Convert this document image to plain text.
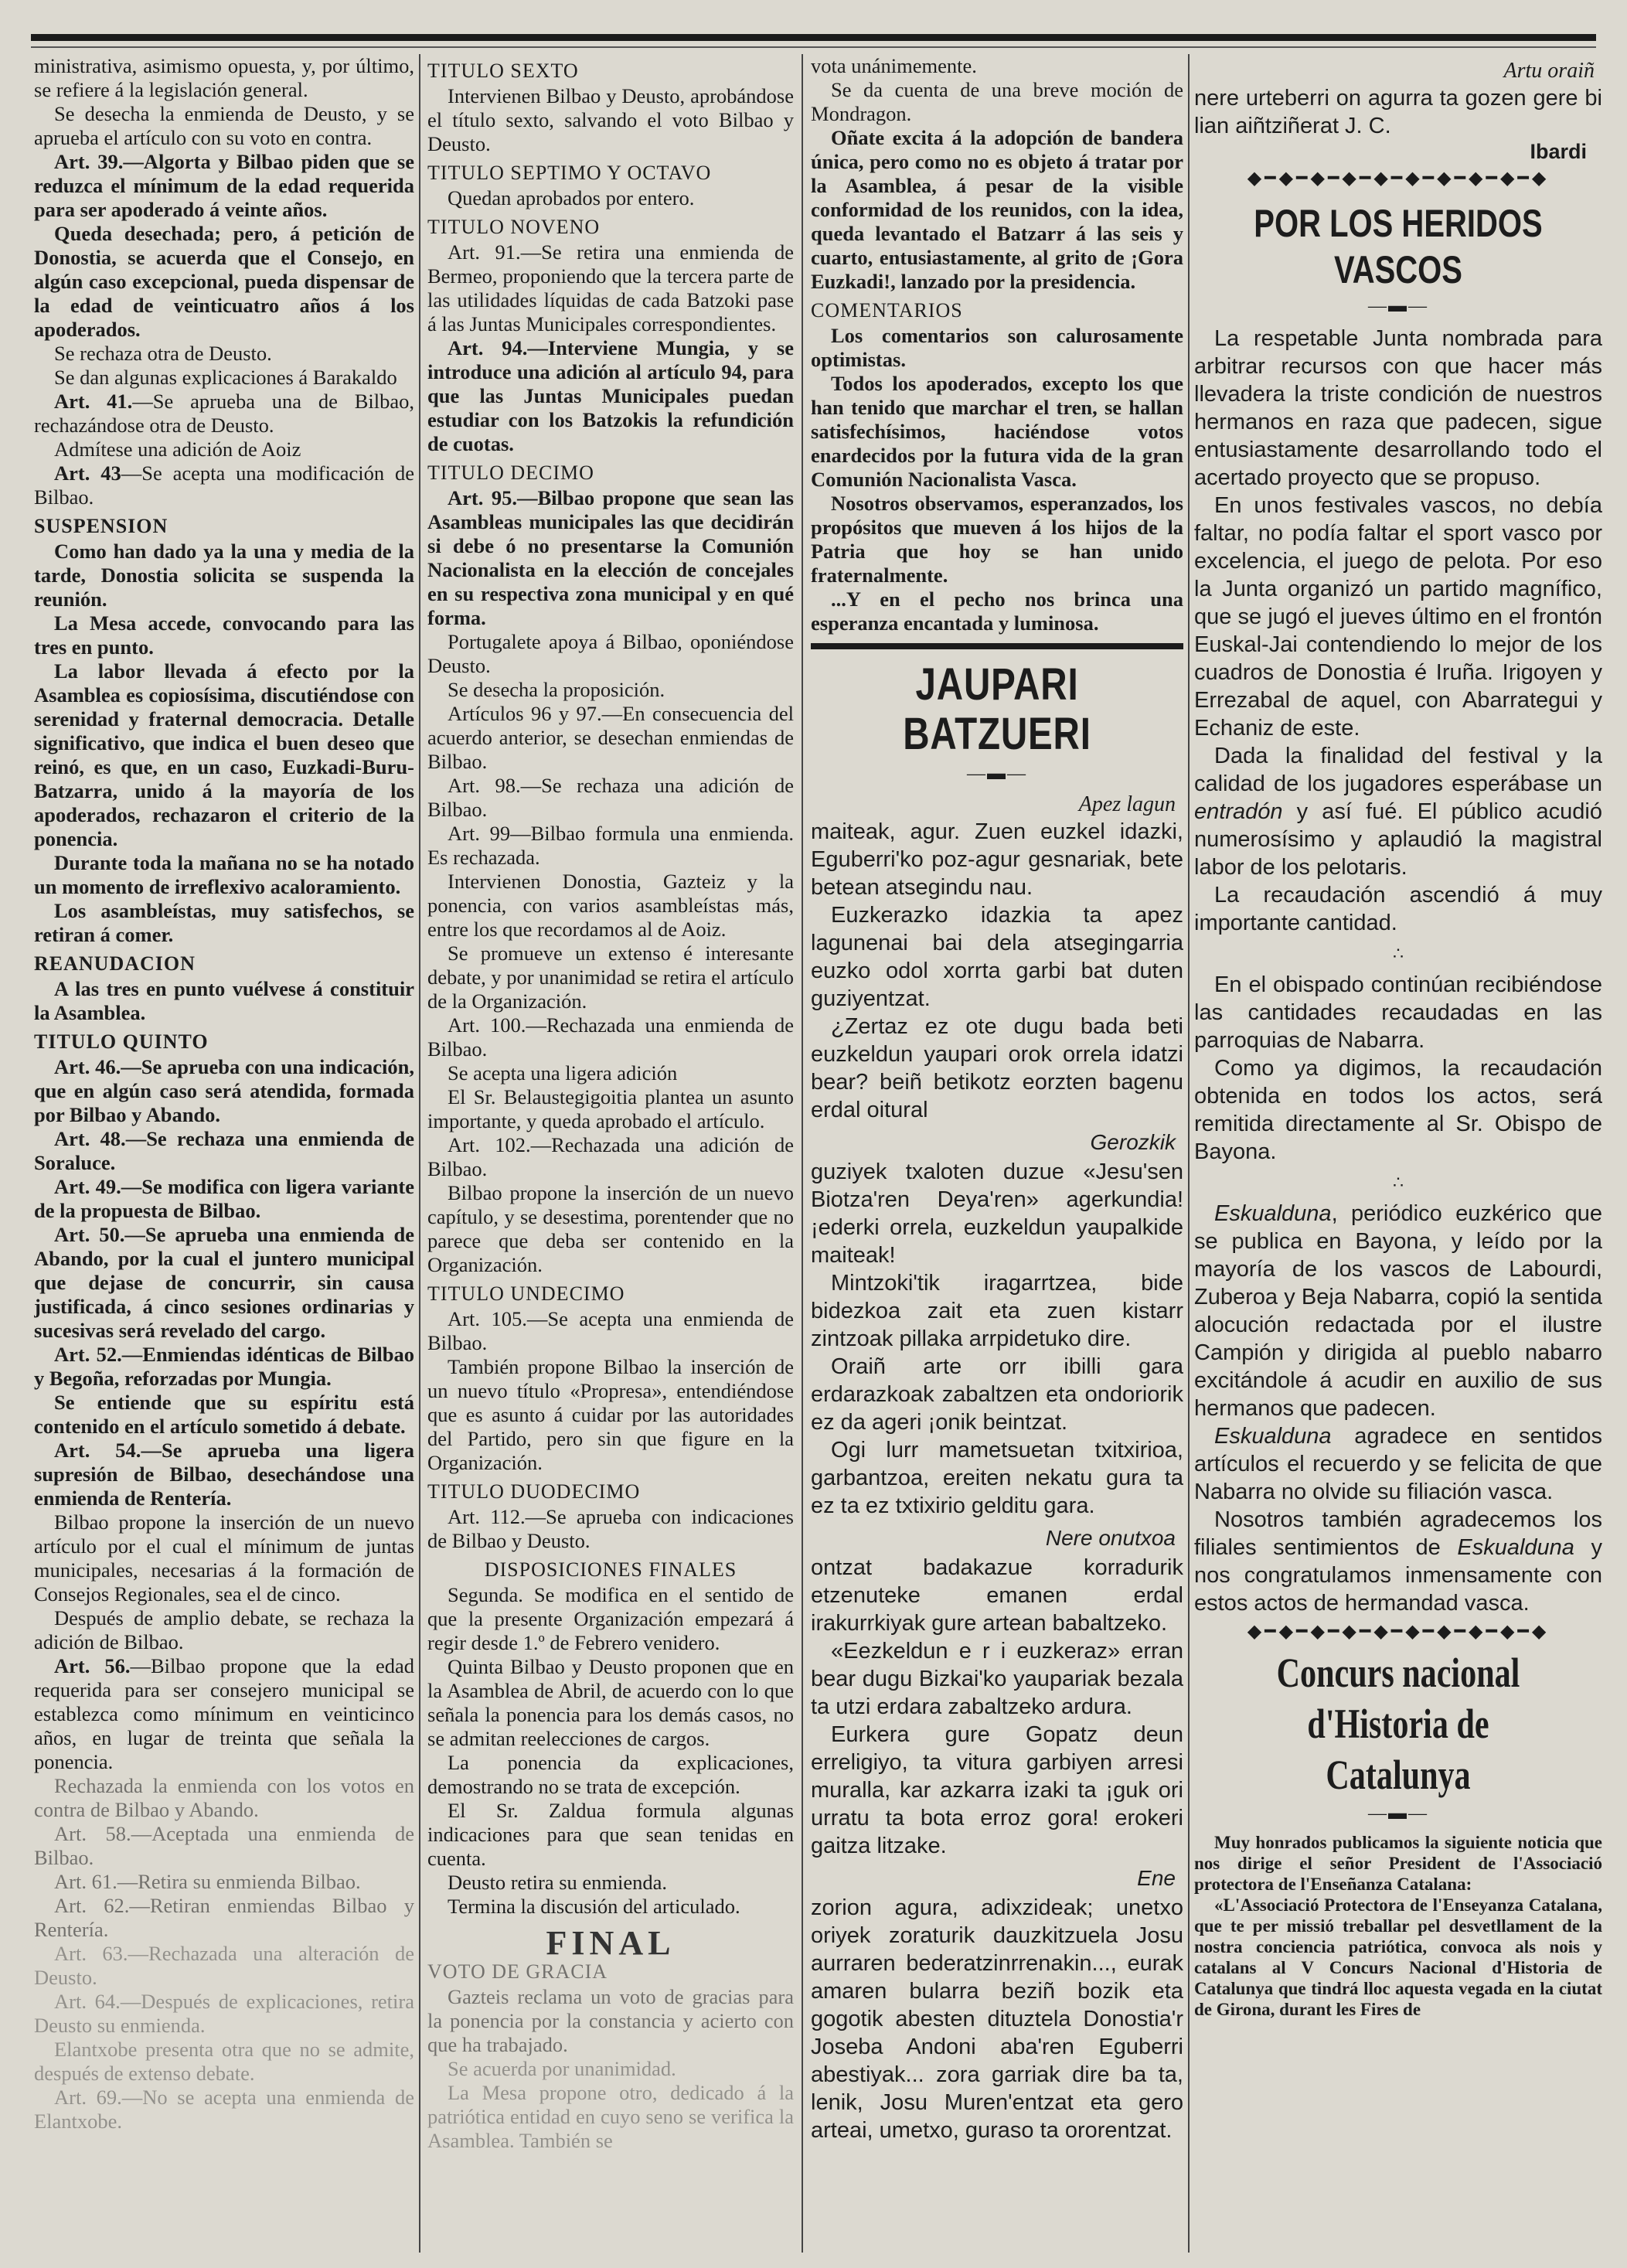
ministrativa, asimismo opuesta, y, por último, se refiere á la legislación general.

Se desecha la enmienda de Deusto, y se aprueba el artículo con su voto en contra.

Art. 39.—Algorta y Bilbao piden que se reduzca el mínimum de la edad requerida para ser apoderado á veinte años.

Queda desechada; pero, á petición de Donostia, se acuerda que el Consejo, en algún caso excepcional, pueda dispensar de la edad de veinticuatro años á los apoderados.

Se rechaza otra de Deusto.

Se dan algunas explicaciones á Barakaldo

Art. 41.—Se aprueba una de Bilbao, rechazándose otra de Deusto.

Admítese una adición de Aoiz

Art. 43—Se acepta una modificación de Bilbao.

SUSPENSION

Como han dado ya la una y media de la tarde, Donostia solicita se suspenda la reunión.

La Mesa accede, convocando para las tres en punto.

La labor llevada á efecto por la Asamblea es copiosísima, discutiéndose con serenidad y fraternal democracia. Detalle significativo, que indica el buen deseo que reinó, es que, en un caso, Euzkadi-Buru-Batzarra, unido á la mayoría de los apoderados, rechazaron el criterio de la ponencia.

Durante toda la mañana no se ha notado un momento de irreflexivo acaloramiento.

Los asambleístas, muy satisfechos, se retiran á comer.

REANUDACION

A las tres en punto vuélvese á constituir la Asamblea.

TITULO QUINTO

Art. 46.—Se aprueba con una indicación, que en algún caso será atendida, formada por Bilbao y Abando.

Art. 48.—Se rechaza una enmienda de Soraluce.

Art. 49.—Se modifica con ligera variante de la propuesta de Bilbao.

Art. 50.—Se aprueba una enmienda de Abando, por la cual el juntero municipal que dejase de concurrir, sin causa justificada, á cinco sesiones ordinarias y sucesivas será revelado del cargo.

Art. 52.—Enmiendas idénticas de Bilbao y Begoña, reforzadas por Mungia.

Se entiende que su espíritu está contenido en el artículo sometido á debate.

Art. 54.—Se aprueba una ligera supresión de Bilbao, desechándose una enmienda de Rentería.

Bilbao propone la inserción de un nuevo artículo por el cual el mínimum de juntas municipales, necesarias á la formación de Consejos Regionales, sea el de cinco.

Después de amplio debate, se rechaza la adición de Bilbao.

Art. 56.—Bilbao propone que la edad requerida para ser consejero municipal se establezca como mínimum en veinticinco años, en lugar de treinta que señala la ponencia.

Rechazada la enmienda con los votos en contra de Bilbao y Abando.

Art. 58.—Aceptada una enmienda de Bilbao.

Art. 61.—Retira su enmienda Bilbao.

Art. 62.—Retiran enmiendas Bilbao y Rentería.

Art. 63.—Rechazada una alteración de Deusto.

Art. 64.—Después de explicaciones, retira Deusto su enmienda.

Elantxobe presenta otra que no se admite, después de extenso debate.

Art. 69.—No se acepta una enmienda de Elantxobe.

TITULO SEXTO

Intervienen Bilbao y Deusto, aprobándose el título sexto, salvando el voto Bilbao y Deusto.

TITULO SEPTIMO Y OCTAVO

Quedan aprobados por entero.

TITULO NOVENO

Art. 91.—Se retira una enmienda de Bermeo, proponiendo que la tercera parte de las utilidades líquidas de cada Batzoki pase á las Juntas Municipales correspondientes.

Art. 94.—Interviene Mungia, y se introduce una adición al artículo 94, para que las Juntas Municipales puedan estudiar con los Batzokis la refundición de cuotas.

TITULO DECIMO

Art. 95.—Bilbao propone que sean las Asambleas municipales las que decidirán si debe ó no presentarse la Comunión Nacionalista en la elección de concejales en su respectiva zona municipal y en qué forma.

Portugalete apoya á Bilbao, oponiéndose Deusto.

Se desecha la proposición.

Artículos 96 y 97.—En consecuencia del acuerdo anterior, se desechan enmiendas de Bilbao.

Art. 98.—Se rechaza una adición de Bilbao.

Art. 99—Bilbao formula una enmienda. Es rechazada.

Intervienen Donostia, Gazteiz y la ponencia, con varios asambleístas más, entre los que recordamos al de Aoiz.

Se promueve un extenso é interesante debate, y por unanimidad se retira el artículo de la Organización.

Art. 100.—Rechazada una enmienda de Bilbao.

Se acepta una ligera adición

El Sr. Belaustegigoitia plantea un asunto importante, y queda aprobado el artículo.

Art. 102.—Rechazada una adición de Bilbao.

Bilbao propone la inserción de un nuevo capítulo, y se desestima, porentender que no parece que deba ser contenido en la Organización.

TITULO UNDECIMO

Art. 105.—Se acepta una enmienda de Bilbao.

También propone Bilbao la inserción de un nuevo título «Propresa», entendiéndose que es asunto á cuidar por las autoridades del Partido, pero sin que figure en la Organización.

TITULO DUODECIMO

Art. 112.—Se aprueba con indicaciones de Bilbao y Deusto.

DISPOSICIONES FINALES

Segunda. Se modifica en el sentido de que la presente Organización empezará á regir desde 1.º de Febrero venidero.

Quinta Bilbao y Deusto proponen que en la Asamblea de Abril, de acuerdo con lo que señala la ponencia para los demás casos, no se admitan reelecciones de cargos.

La ponencia da explicaciones, demostrando no se trata de excepción.

El Sr. Zaldua formula algunas indicaciones para que sean tenidas en cuenta.

Deusto retira su enmienda.

Termina la discusión del articulado.

FINAL
VOTO DE GRACIA

Gazteis reclama un voto de gracias para la ponencia por la constancia y acierto con que ha trabajado.

Se acuerda por unanimidad.

La Mesa propone otro, dedicado á la patriótica entidad en cuyo seno se verifica la Asamblea. También se

vota unánimemente.

Se da cuenta de una breve moción de Mondragon.

Oñate excita á la adopción de bandera única, pero como no es objeto á tratar por la Asamblea, á pesar de la visible conformidad de los reunidos, con la idea, queda levantado el Batzarr á las seis y cuarto, entusiastamente, al grito de ¡Gora Euzkadi!, lanzado por la presidencia.

COMENTARIOS

Los comentarios son calurosamente optimistas.

Todos los apoderados, excepto los que han tenido que marchar el tren, se hallan satisfechísimos, haciéndose votos enardecidos por la futura vida de la gran Comunión Nacionalista Vasca.

Nosotros observamos, esperanzados, los propósitos que mueven á los hijos de la Patria que hoy se han unido fraternalmente.

...Y en el pecho nos brinca una esperanza encantada y luminosa.

JAUPARI BATZUERI
—▬—
Apez lagun

maiteak, agur. Zuen euzkel idazki, Eguberri'ko poz-agur gesnariak, bete betean atsegindu nau.

Euzkerazko idazkia ta apez lagunenai bai dela atsegingarria euzko odol xorrta garbi bat duten guziyentzat.

¿Zertaz ez ote dugu bada beti euzkeldun yaupari orok orrela idatzi bear? beiñ betikotz eorzten bagenu erdal oitural

Gerozkik

guziyek txaloten duzue «Jesu'sen Biotza'ren Deya'ren» agerkundia! ¡ederki orrela, euzkeldun yaupalkide maiteak!

Mintzoki'tik iragarrtzea, bide bidezkoa zait eta zuen kistarr zintzoak pillaka arrpidetuko dire.

Oraiñ arte orr ibilli gara erdarazkoak zabaltzen eta ondoriorik ez da ageri ¡onik beintzat.

Ogi lurr mametsuetan txitxirioa, garbantzoa, ereiten nekatu gura ta ez ta ez txtixirio gelditu gara.

Nere onutxoa

ontzat badakazue korradurik etzenuteke emanen erdal irakurrkiyak gure artean babaltzeko.

«Eezkeldun e r i euzkeraz» erran bear dugu Bizkai'ko yaupariak bezala ta utzi erdara zabaltzeko ardura.

Eurkera gure Gopatz deun erreligiyo, ta vitura garbiyen arresi muralla, kar azkarra izaki ta ¡guk ori urratu ta bota erroz gora! erokeri gaitza litzake.

Ene

zorion agura, adixzideak; unetxo oriyek zoraturik dauzkitzuela Josu aurraren bederatzinrrenakin..., eurak amaren bularra beziñ bozik eta gogotik abesten dituztela Donostia'r Joseba Andoni aba'ren Eguberri abestiyak... zora garriak dire ba ta, lenik, Josu Muren'entzat eta gero arteai, umetxo, guraso ta ororentzat.

Artu oraiñ

nere urteberri on agurra ta gozen gere bi lian aiñtziñerat J. C.

Ibardi
◆━◆━◆━◆━◆━◆━◆━◆━◆━◆
POR LOS HERIDOS VASCOS
—▬—

La respetable Junta nombrada para arbitrar recursos con que hacer más llevadera la triste condición de nuestros hermanos en raza que padecen, sigue entusiastamente desarrollando todo el acertado proyecto que se propuso.

En unos festivales vascos, no debía faltar, no podía faltar el sport vasco por excelencia, el juego de pelota. Por eso la Junta organizó un partido magnífico, que se jugó el jueves último en el frontón Euskal-Jai contendiendo lo mejor de los cuadros de Donostia é Iruña. Irigoyen y Errezabal de aquel, con Abarrategui y Echaniz de este.

Dada la finalidad del festival y la calidad de los jugadores esperábase un entradón y así fué. El público acudió numerosísimo y aplaudió la magistral labor de los pelotaris.

La recaudación ascendió á muy importante cantidad.

∴

En el obispado continúan recibiéndose las cantidades recaudadas en las parroquias de Nabarra.

Como ya digimos, la recaudación obtenida en todos los actos, será remitida directamente al Sr. Obispo de Bayona.

∴

Eskualduna, periódico euzkérico que se publica en Bayona, y leído por la mayoría de los vascos de Labourdi, Zuberoa y Beja Nabarra, copió la sentida alocución redactada por el ilustre Campión y dirigida al pueblo nabarro excitándole á acudir en auxilio de sus hermanos que padecen.

Eskualduna agradece en sentidos artículos el recuerdo y se felicita de que Nabarra no olvide su filiación vasca.

Nosotros también agradecemos los filiales sentimientos de Eskualduna y nos congratulamos inmensamente con estos actos de hermandad vasca.

◆━◆━◆━◆━◆━◆━◆━◆━◆━◆
Concurs nacional
d'Historia de Catalunya
—▬—

Muy honrados publicamos la siguiente noticia que nos dirige el señor President de l'Associació protectora de l'Enseñanza Catalana:

«L'Associació Protectora de l'Enseyanza Catalana, que te per missió treballar pel desvetllament de la nostra conciencia patriótica, convoca als nois y catalans al V Concurs Nacional d'Historia de Catalunya que tindrá lloc aquesta vegada en la ciutat de Girona, durant les Fires de
